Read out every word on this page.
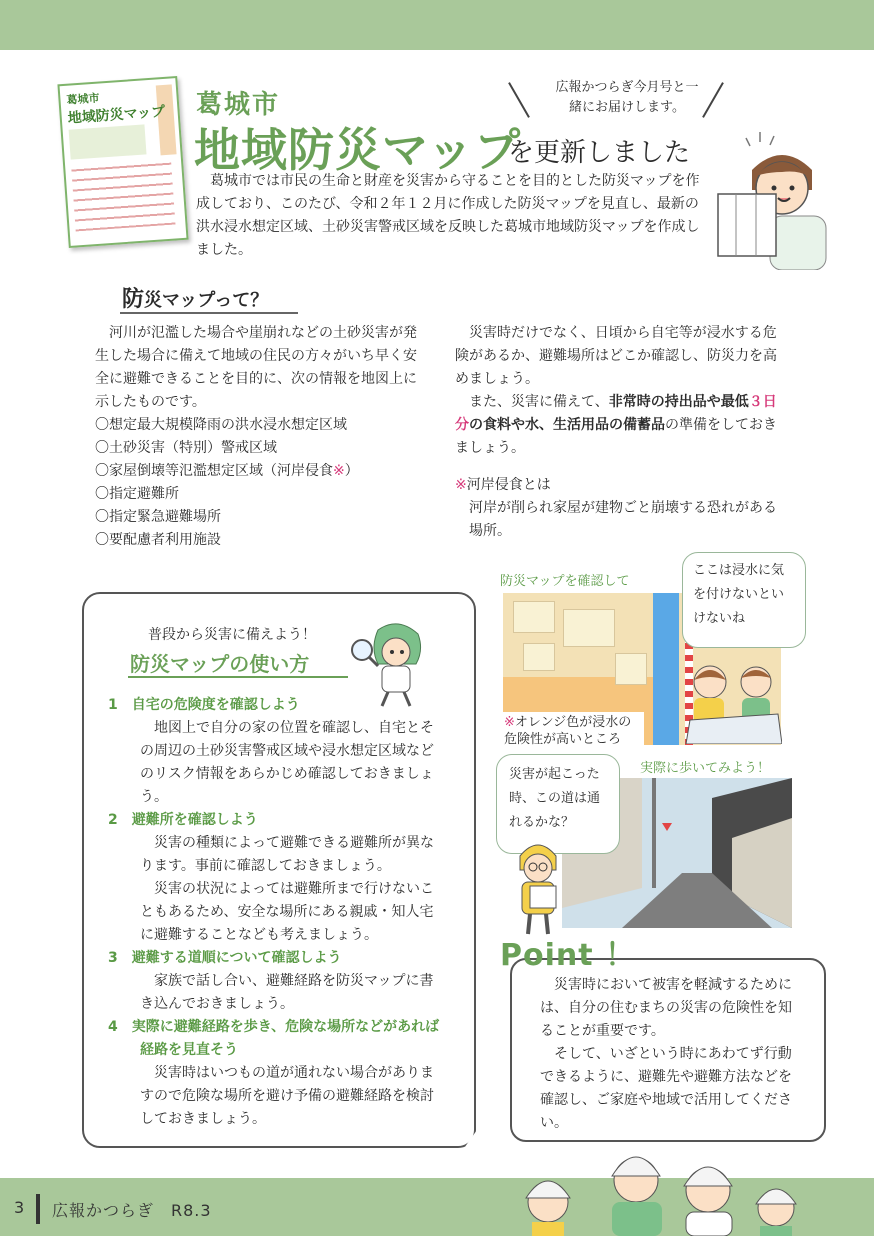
葛城市
地域防災マップ 葛城市
地域防災マップ
を更新しました
広報かつらぎ今月号と一緒にお届けします。
葛城市では市民の生命と財産を災害から守ることを目的とした防災マップを作成しており、このたび、令和２年１２月に作成した防災マップを見直し、最新の洪水浸水想定区域、土砂災害警戒区域を反映した葛城市地域防災マップを作成しました。
防災マップって？

河川が氾濫した場合や崖崩れなどの土砂災害が発生した場合に備えて地域の住民の方々がいち早く安全に避難できることを目的に、次の情報を地図上に示したものです。

〇想定最大規模降雨の洪水浸水想定区域

〇土砂災害（特別）警戒区域

〇家屋倒壊等氾濫想定区域（河岸侵食※）

〇指定避難所

〇指定緊急避難場所

〇要配慮者利用施設

災害時だけでなく、日頃から自宅等が浸水する危険があるか、避難場所はどこか確認し、防災力を高めましょう。

また、災害に備えて、非常時の持出品や最低３日分の食料や水、生活用品の備蓄品の準備をしておきましょう。

※河岸侵食とは

河岸が削られ家屋が建物ごと崩壊する恐れがある場所。

普段から災害に備えよう！
防災マップの使い方

1　自宅の危険度を確認しよう

地図上で自分の家の位置を確認し、自宅とその周辺の土砂災害警戒区域や浸水想定区域などのリスク情報をあらかじめ確認しておきましょう。

2　避難所を確認しよう

災害の種類によって避難できる避難所が異なります。事前に確認しておきましょう。

災害の状況によっては避難所まで行けないこともあるため、安全な場所にある親戚・知人宅に避難することなども考えましょう。

3　避難する道順について確認しよう

家族で話し合い、避難経路を防災マップに書き込んでおきましょう。

4　実際に避難経路を歩き、危険な場所などがあれば経路を見直そう

災害時はいつもの道が通れない場合がありますので危険な場所を避け予備の避難経路を検討しておきましょう。

防災マップを確認して
※オレンジ色が浸水の危険性が高いところ
ここは浸水に気を付けないといけないね
実際に歩いてみよう！
災害が起こった時、この道は通れるかな？
Point ！

災害時において被害を軽減するためには、自分の住むまちの災害の危険性を知ることが重要です。

そして、いざという時にあわてず行動できるように、避難先や避難方法などを確認し、ご家庭や地域で活用してください。

3 広報かつらぎ　R8.3
